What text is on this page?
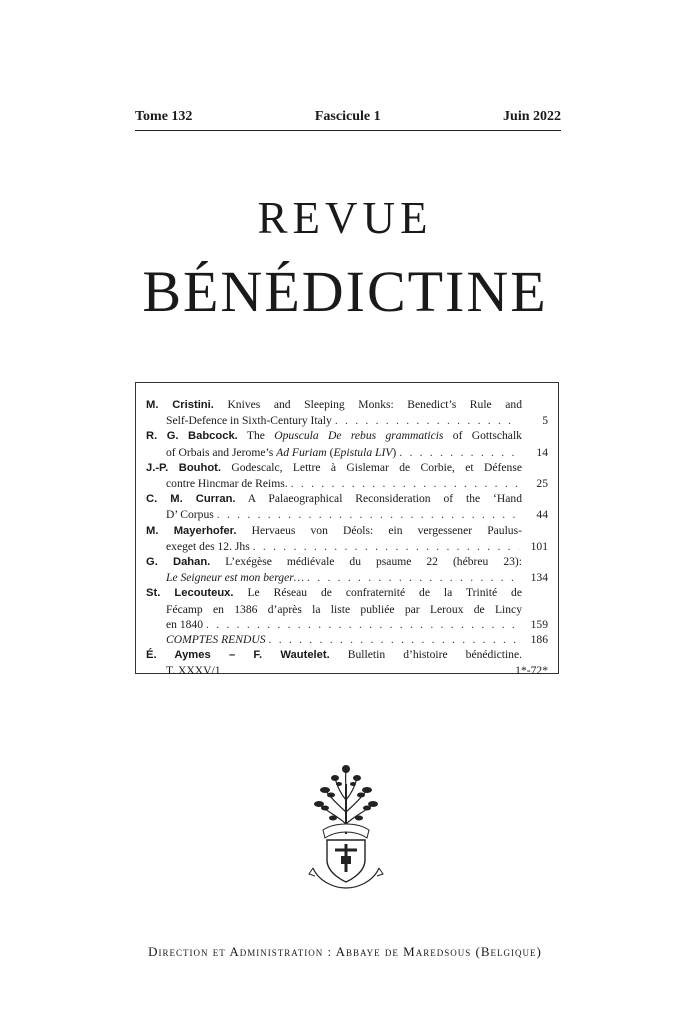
Tome 132	Fascicule 1	Juin 2022
REVUE
BÉNÉDICTINE
M. Cristini. Knives and Sleeping Monks: Benedict’s Rule and
Self-Defence in Sixth-Century Italy . . .	5
R. G. Babcock. The Opuscula De rebus grammaticis of Gottschalk
of Orbais and Jerome’s Ad Furiam (Epistula LIV) . . .	14
J.-P. Bouhot. Godescalc, Lettre à Gislemar de Corbie, et Défense
contre Hincmar de Reims. . . .	25
C. M. Curran. A Palaeographical Reconsideration of the ‘Hand
D’ Corpus . . .	44
M. Mayerhofer. Hervaeus von Déols: ein vergessener Paulus-
exeget des 12. Jhs . . .	101
G. Dahan. L’exégèse médiévale du psaume 22 (hébreu 23):
Le Seigneur est mon berger… . . .	134
St. Lecouteux. Le Réseau de confraternité de la Trinité de
Fécamp en 1386 d’après la liste publiée par Leroux de Lincy
en 1840 . . .	159
COMPTES RENDUS . . .	186
É. Aymes – F. Wautelet. Bulletin d’histoire bénédictine.
T. XXXV/1	1*-72*
Direction et Administration : Abbaye de Maredsous (Belgique)
